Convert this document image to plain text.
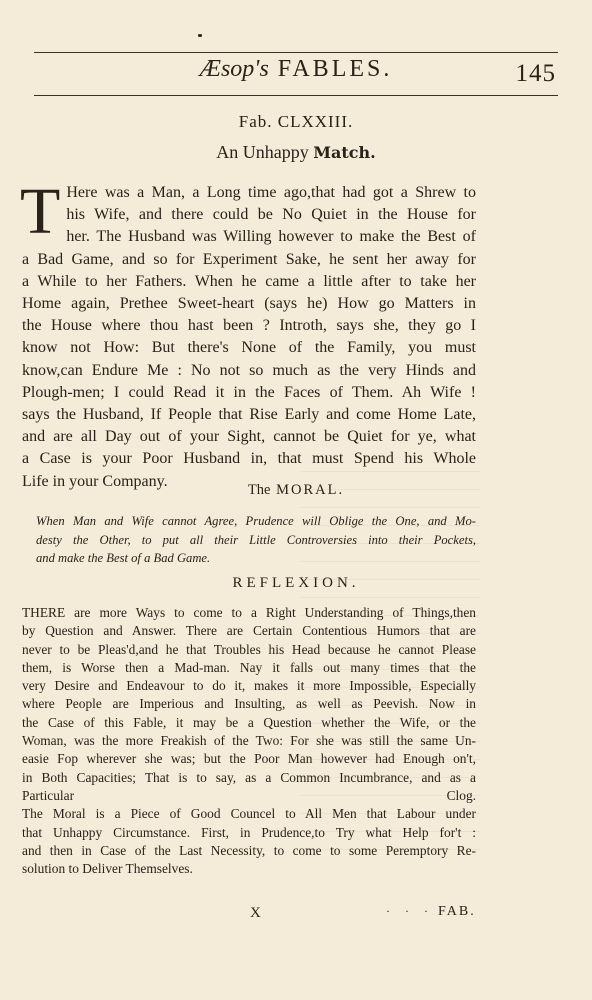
Æsop's FABLES.	145
Fab. CLXXIII.
An Unhappy Match.
T Here was a Man, a Long time ago,that had got a Shrew to
his Wife, and there could be No Quiet in the House for
her. The Husband was Willing however to make the Best of
a Bad Game, and so for Experiment Sake, he sent her away for
a While to her Fathers. When he came a little after to take her
Home again, Prethee Sweet-heart (says he) How go Matters in
the House where thou hast been ? Introth, says she, they go I
know not How: But there's None of the Family, you must
know,can Endure Me : No not so much as the very Hinds and
Plough-men; I could Read it in the Faces of Them. Ah Wife !
says the Husband, If People that Rise Early and come Home Late,
and are all Day out of your Sight, cannot be Quiet for ye, what
a Case is your Poor Husband in, that must Spend his Whole
Life in your Company.
The MORAL.
When Man and Wife cannot Agree, Prudence will Oblige the One, and Mo-
desty the Other, to put all their Little Controversies into their Pockets,
and make the Best of a Bad Game.
REFLEXION.
THERE are more Ways to come to a Right Understanding of Things,then
by Question and Answer. There are Certain Contentious Humors that are
never to be Pleas'd,and he that Troubles his Head because he cannot Please
them, is Worse then a Mad-man. Nay it falls out many times that the
very Desire and Endeavour to do it, makes it more Impossible, Especially
where People are Imperious and Insulting, as well as Peevish. Now in
the Case of this Fable, it may be a Question whether the Wife, or the
Woman, was the more Freakish of the Two: For she was still the same Un-
easie Fop wherever she was; but the Poor Man however had Enough on't,
in Both Capacities; That is to say, as a Common Incumbrance, and as a
Particular Clog.
The Moral is a Piece of Good Councel to All Men that Labour under
that Unhappy Circumstance. First, in Prudence,to Try what Help for't :
and then in Case of the Last Necessity, to come to some Peremptory Re-
solution to Deliver Themselves.
X	· · · FAB.
